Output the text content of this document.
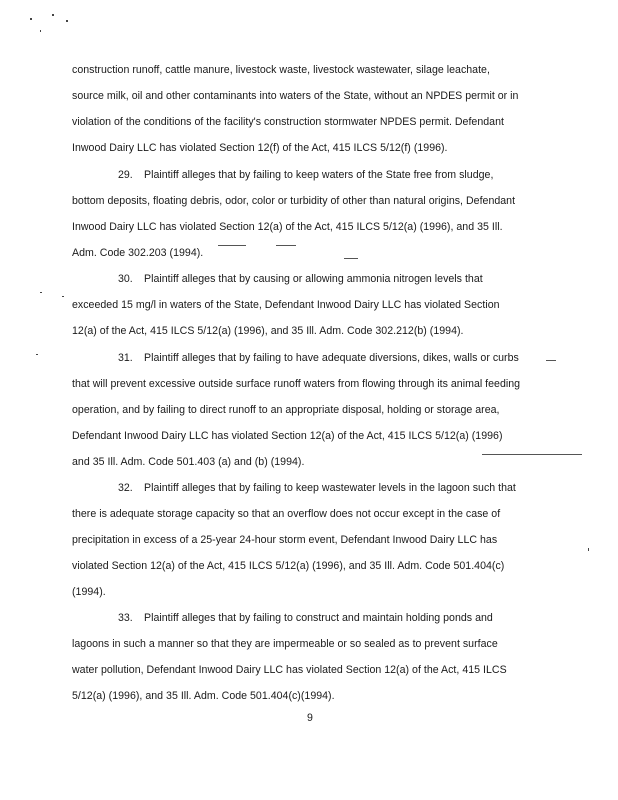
construction runoff, cattle manure, livestock waste, livestock wastewater, silage leachate,
source milk, oil and other contaminants into waters of the State, without an NPDES permit or in
violation of the conditions of the facility's construction stormwater NPDES permit. Defendant
Inwood Dairy LLC has violated Section 12(f) of the Act, 415 ILCS 5/12(f) (1996).
29. Plaintiff alleges that by failing to keep waters of the State free from sludge,
bottom deposits, floating debris, odor, color or turbidity of other than natural origins, Defendant
Inwood Dairy LLC has violated Section 12(a) of the Act, 415 ILCS 5/12(a) (1996), and 35 Ill.
Adm. Code 302.203 (1994).
30. Plaintiff alleges that by causing or allowing ammonia nitrogen levels that
exceeded 15 mg/l in waters of the State, Defendant Inwood Dairy LLC has violated Section
12(a) of the Act, 415 ILCS 5/12(a) (1996), and 35 Ill. Adm. Code 302.212(b) (1994).
31. Plaintiff alleges that by failing to have adequate diversions, dikes, walls or curbs
that will prevent excessive outside surface runoff waters from flowing through its animal feeding
operation, and by failing to direct runoff to an appropriate disposal, holding or storage area,
Defendant Inwood Dairy LLC has violated Section 12(a) of the Act, 415 ILCS 5/12(a) (1996)
and 35 Ill. Adm. Code 501.403 (a) and (b) (1994).
32. Plaintiff alleges that by failing to keep wastewater levels in the lagoon such that
there is adequate storage capacity so that an overflow does not occur except in the case of
precipitation in excess of a 25-year 24-hour storm event, Defendant Inwood Dairy LLC has
violated Section 12(a) of the Act, 415 ILCS 5/12(a) (1996), and 35 Ill. Adm. Code 501.404(c)
(1994).
33. Plaintiff alleges that by failing to construct and maintain holding ponds and
lagoons in such a manner so that they are impermeable or so sealed as to prevent surface
water pollution, Defendant Inwood Dairy LLC has violated Section 12(a) of the Act, 415 ILCS
5/12(a) (1996), and 35 Ill. Adm. Code 501.404(c)(1994).
9
